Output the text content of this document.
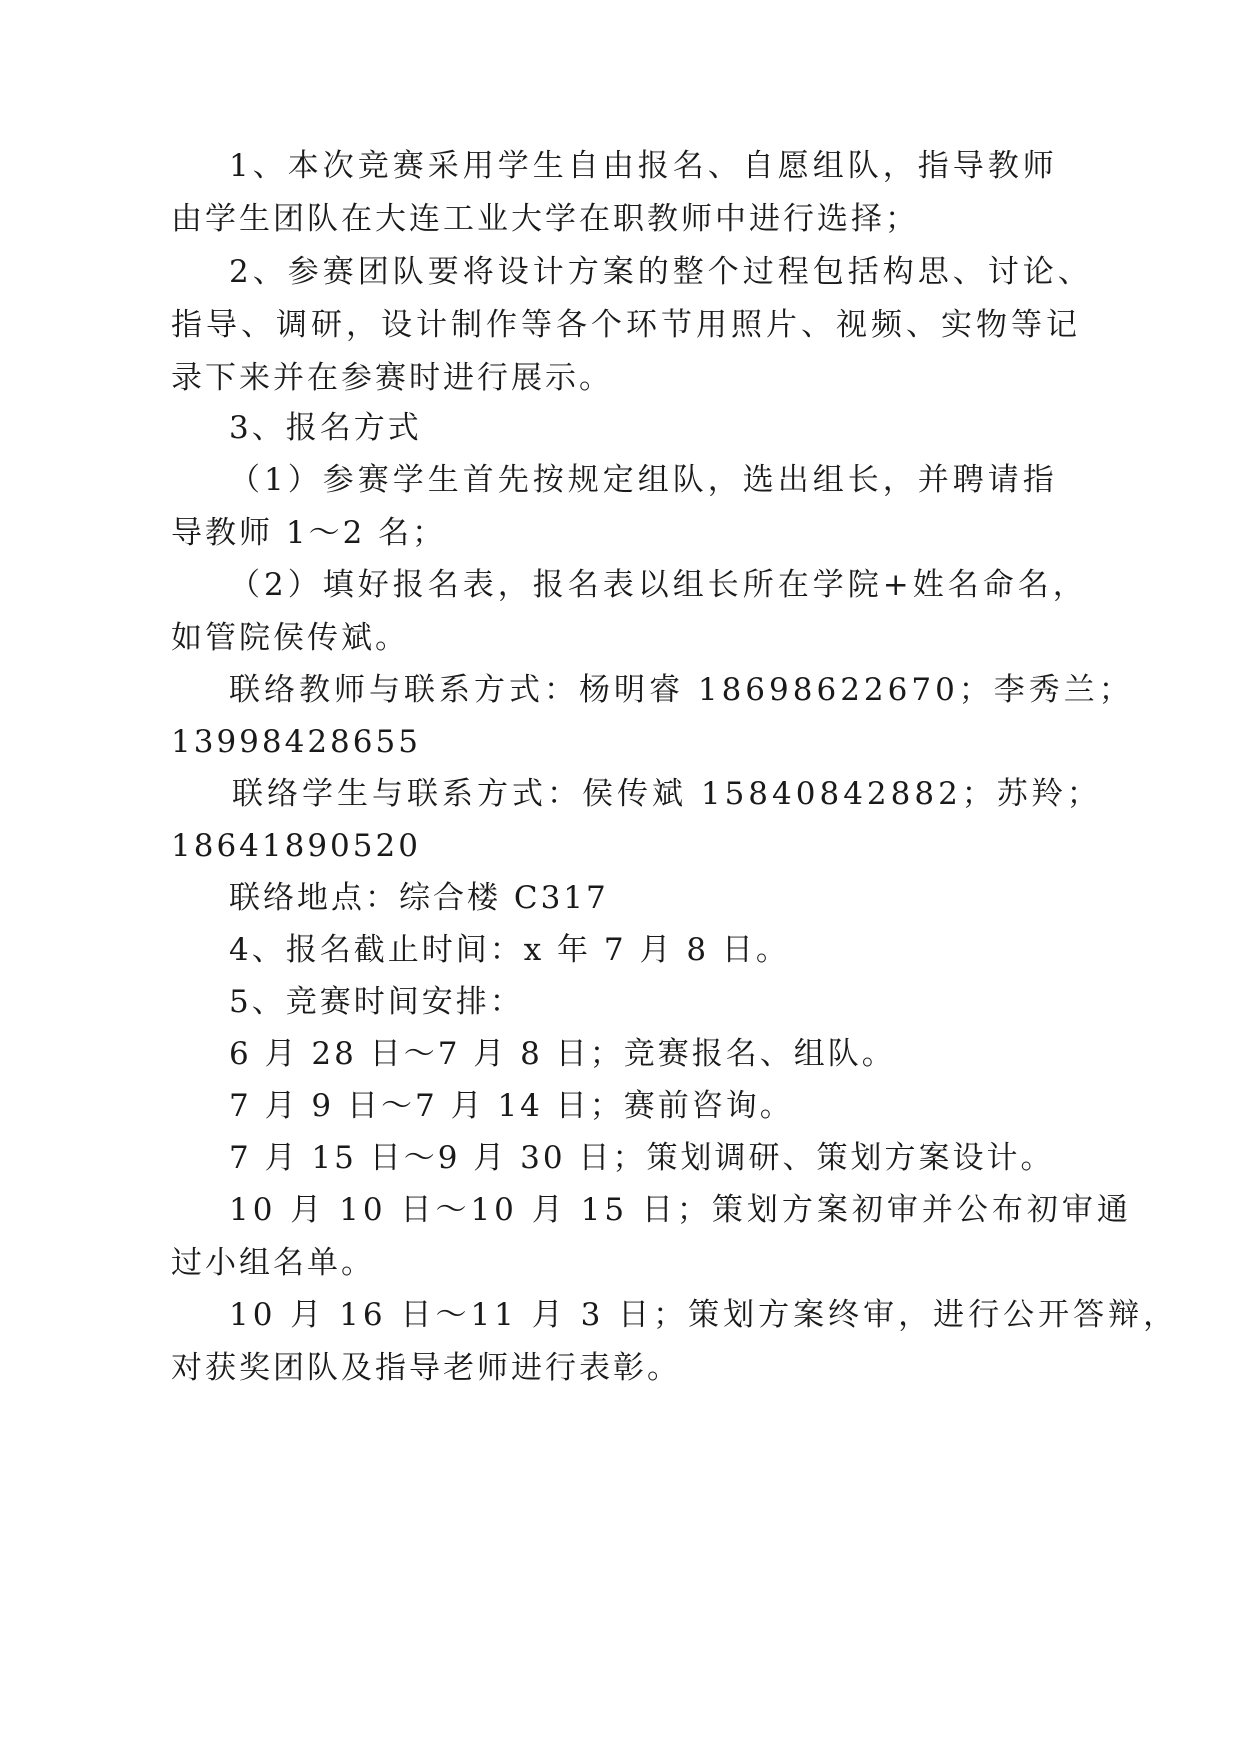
1、本次竞赛采用学生自由报名、自愿组队，指导教师

由学生团队在大连工业大学在职教师中进行选择；

2、参赛团队要将设计方案的整个过程包括构思、讨论、

指导、调研，设计制作等各个环节用照片、视频、实物等记

录下来并在参赛时进行展示。

3、报名方式

（1）参赛学生首先按规定组队，选出组长，并聘请指

导教师 1～2 名；

（2）填好报名表，报名表以组长所在学院+姓名命名，

如管院侯传斌。

联络教师与联系方式：杨明睿 18698622670；李秀兰；

13998428655

联络学生与联系方式：侯传斌 15840842882；苏羚；

18641890520

联络地点：综合楼 C317

4、报名截止时间：x 年 7 月 8 日。

5、竞赛时间安排：

6 月 28 日～7 月 8 日；竞赛报名、组队。

7 月 9 日～7 月 14 日；赛前咨询。

7 月 15 日～9 月 30 日；策划调研、策划方案设计。

10 月 10 日～10 月 15 日；策划方案初审并公布初审通

过小组名单。

10 月 16 日～11 月 3 日；策划方案终审，进行公开答辩，

对获奖团队及指导老师进行表彰。
